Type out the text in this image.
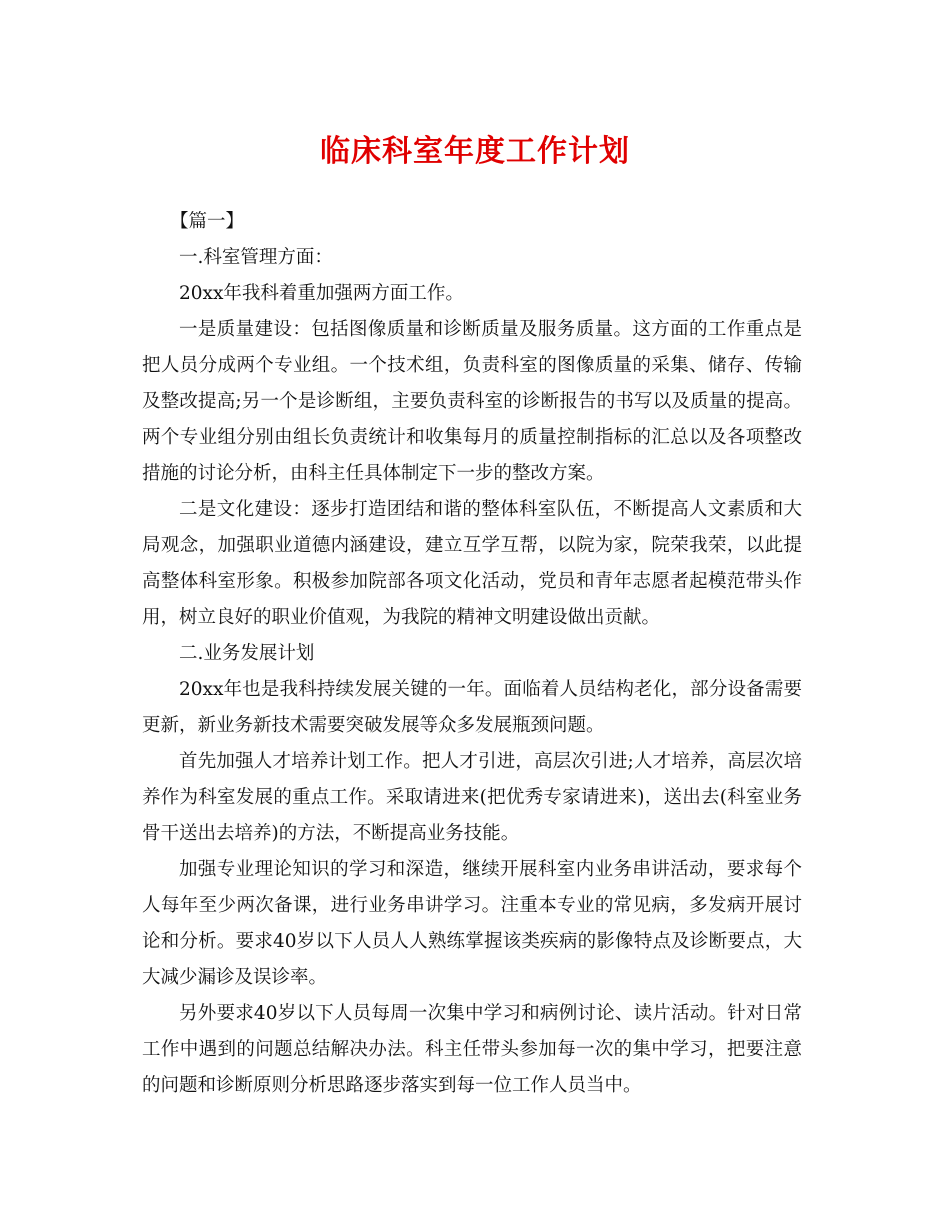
临床科室年度工作计划

【篇一】

一.科室管理方面：

20xx年我科着重加强两方面工作。

一是质量建设：包括图像质量和诊断质量及服务质量。这方面的工作重点是把人员分成两个专业组。一个技术组，负责科室的图像质量的采集、储存、传输及整改提高;另一个是诊断组，主要负责科室的诊断报告的书写以及质量的提高。两个专业组分别由组长负责统计和收集每月的质量控制指标的汇总以及各项整改措施的讨论分析，由科主任具体制定下一步的整改方案。

二是文化建设：逐步打造团结和谐的整体科室队伍，不断提高人文素质和大局观念，加强职业道德内涵建设，建立互学互帮，以院为家，院荣我荣，以此提高整体科室形象。积极参加院部各项文化活动，党员和青年志愿者起模范带头作用，树立良好的职业价值观，为我院的精神文明建设做出贡献。

二.业务发展计划

20xx年也是我科持续发展关键的一年。面临着人员结构老化，部分设备需要更新，新业务新技术需要突破发展等众多发展瓶颈问题。

首先加强人才培养计划工作。把人才引进，高层次引进;人才培养，高层次培养作为科室发展的重点工作。采取请进来(把优秀专家请进来)，送出去(科室业务骨干送出去培养)的方法，不断提高业务技能。

加强专业理论知识的学习和深造，继续开展科室内业务串讲活动，要求每个人每年至少两次备课，进行业务串讲学习。注重本专业的常见病，多发病开展讨论和分析。要求40岁以下人员人人熟练掌握该类疾病的影像特点及诊断要点，大大减少漏诊及误诊率。

另外要求40岁以下人员每周一次集中学习和病例讨论、读片活动。针对日常工作中遇到的问题总结解决办法。科主任带头参加每一次的集中学习，把要注意的问题和诊断原则分析思路逐步落实到每一位工作人员当中。
